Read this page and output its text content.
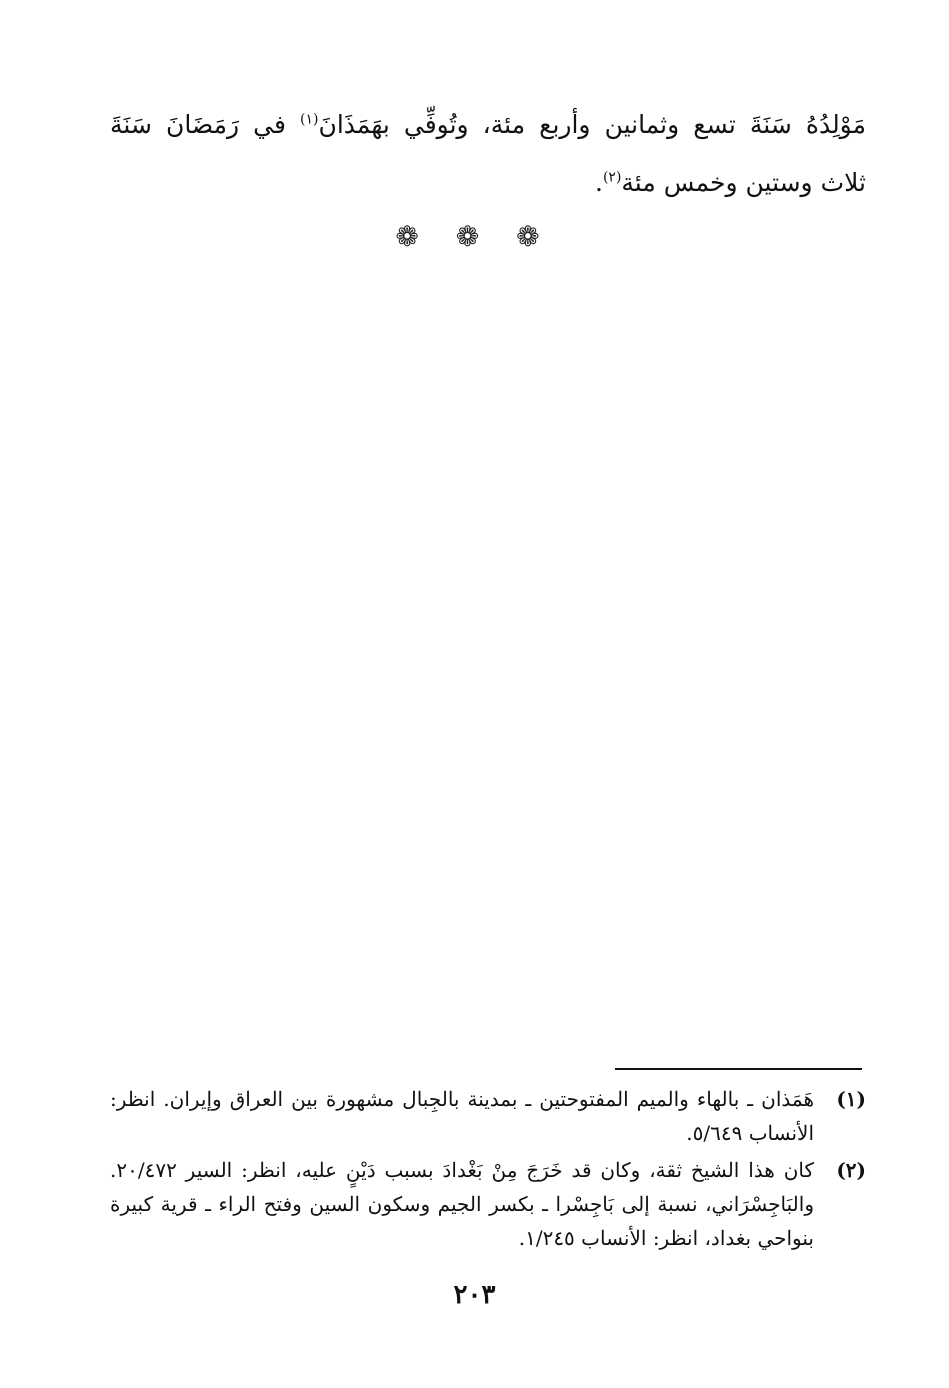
مَوْلِدُهُ سَنَةَ تسع وثمانين وأربع مئة، وتُوفِّي بهَمَذَانَ$^{(١)}$ في رَمَضَانَ سَنَةَ

ثلاث وستين وخمس مئة$^{(٢)}$.

❁ ❁ ❁
(١)
هَمَذان ـ بالهاء والميم المفتوحتين ـ بمدينة بالجِبال مشهورة بين العراق وإيران. انظر: الأنساب ٥/٦٤٩.
(٢)
كان هذا الشيخ ثقة، وكان قد خَرَجَ مِنْ بَغْدادَ بسبب دَيْنٍ عليه، انظر: السير ٢٠/٤٧٢. والبَاجِسْرَاني، نسبة إلى بَاجِسْرا ـ بكسر الجيم وسكون السين وفتح الراء ـ قرية كبيرة بنواحي بغداد، انظر: الأنساب ١/٢٤٥.
٢٠٣
